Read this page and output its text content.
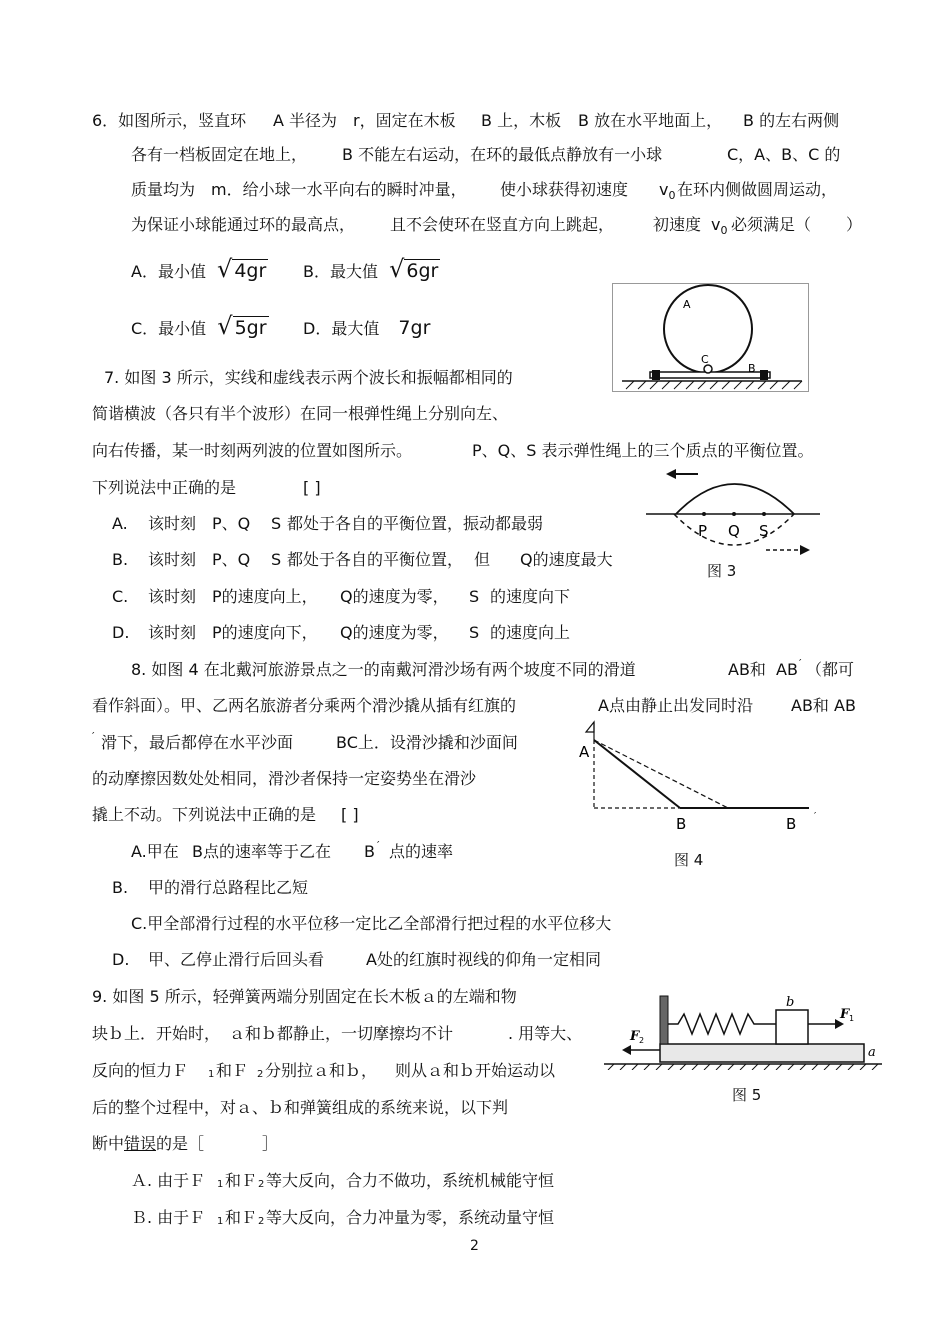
6．如图所示，竖直环 A 半径为 r，固定在木板 B 上，木板 B 放在水平地面上， B 的左右两侧
各有一档板固定在地上， B 不能左右运动，在环的最低点静放有一小球	C，A、B、C 的
质量均为 m．给小球一水平向右的瞬时冲量， 使小球获得初速度 $v_0$ 在环内侧做圆周运动，
为保证小球能通过环的最高点， 且不会使环在竖直方向上跳起， 初速度 $v_0$ 必须满足（ ）
A．最小值 √ 4gr B．最大值 √ 6gr
C．最小值 √ 5gr D．最大值 7gr
A
C
B
7. 如图 3 所示，实线和虚线表示两个波长和振幅都相同的
简谐横波（各只有半个波形）在同一根弹性绳上分别向左、
向右传播，某一时刻两列波的位置如图所示。	P、Q、S 表示弹性绳上的三个质点的平衡位置。
下列说法中正确的是	[ ]
A. 该时刻 P、Q S 都处于各自的平衡位置，振动都最弱
B. 该时刻 P、Q S 都处于各自的平衡位置， 但 Q的速度最大
C. 该时刻 P的速度向上， Q的速度为零， S 的速度向下
D. 该时刻 P的速度向下， Q的速度为零， S 的速度向上
P Q S
图 3
8. 如图 4 在北戴河旅游景点之一的南戴河滑沙场有两个坡度不同的滑道	AB和 AB ′ （都可
看作斜面）。甲、乙两名旅游者分乘两个滑沙撬从插有红旗的	A点由静止出发同时沿 AB和 AB
′ 滑下，最后都停在水平沙面	BC上．设滑沙撬和沙面间
的动摩擦因数处处相同，滑沙者保持一定姿势坐在滑沙
撬上不动。下列说法中正确的是 [ ]
A.甲在 B点的速率等于乙在 B ′ 点的速率
B. 甲的滑行总路程比乙短
C.甲全部滑行过程的水平位移一定比乙全部滑行把过程的水平位移大
D. 甲、乙停止滑行后回头看	A处的红旗时视线的仰角一定相同
A
B	B ′
图 4
9. 如图 5 所示，轻弹簧两端分别固定在长木板ａ的左端和物
块ｂ上．开始时， ａ和ｂ都静止，一切摩擦均不计	. 用等大、
反向的恒力Ｆ 1 和Ｆ 2 分别拉ａ和ｂ， 则从ａ和ｂ开始运动以
后的整个过程中，对ａ、ｂ和弹簧组成的系统来说，以下判
断中 错误 的是［	］
Ａ. 由于Ｆ 1 和Ｆ 2 等大反向，合力不做功，系统机械能守恒
Ｂ. 由于Ｆ 1 和Ｆ 2 等大反向，合力冲量为零，系统动量守恒
b
F 1
F 2
a
图 5
2
